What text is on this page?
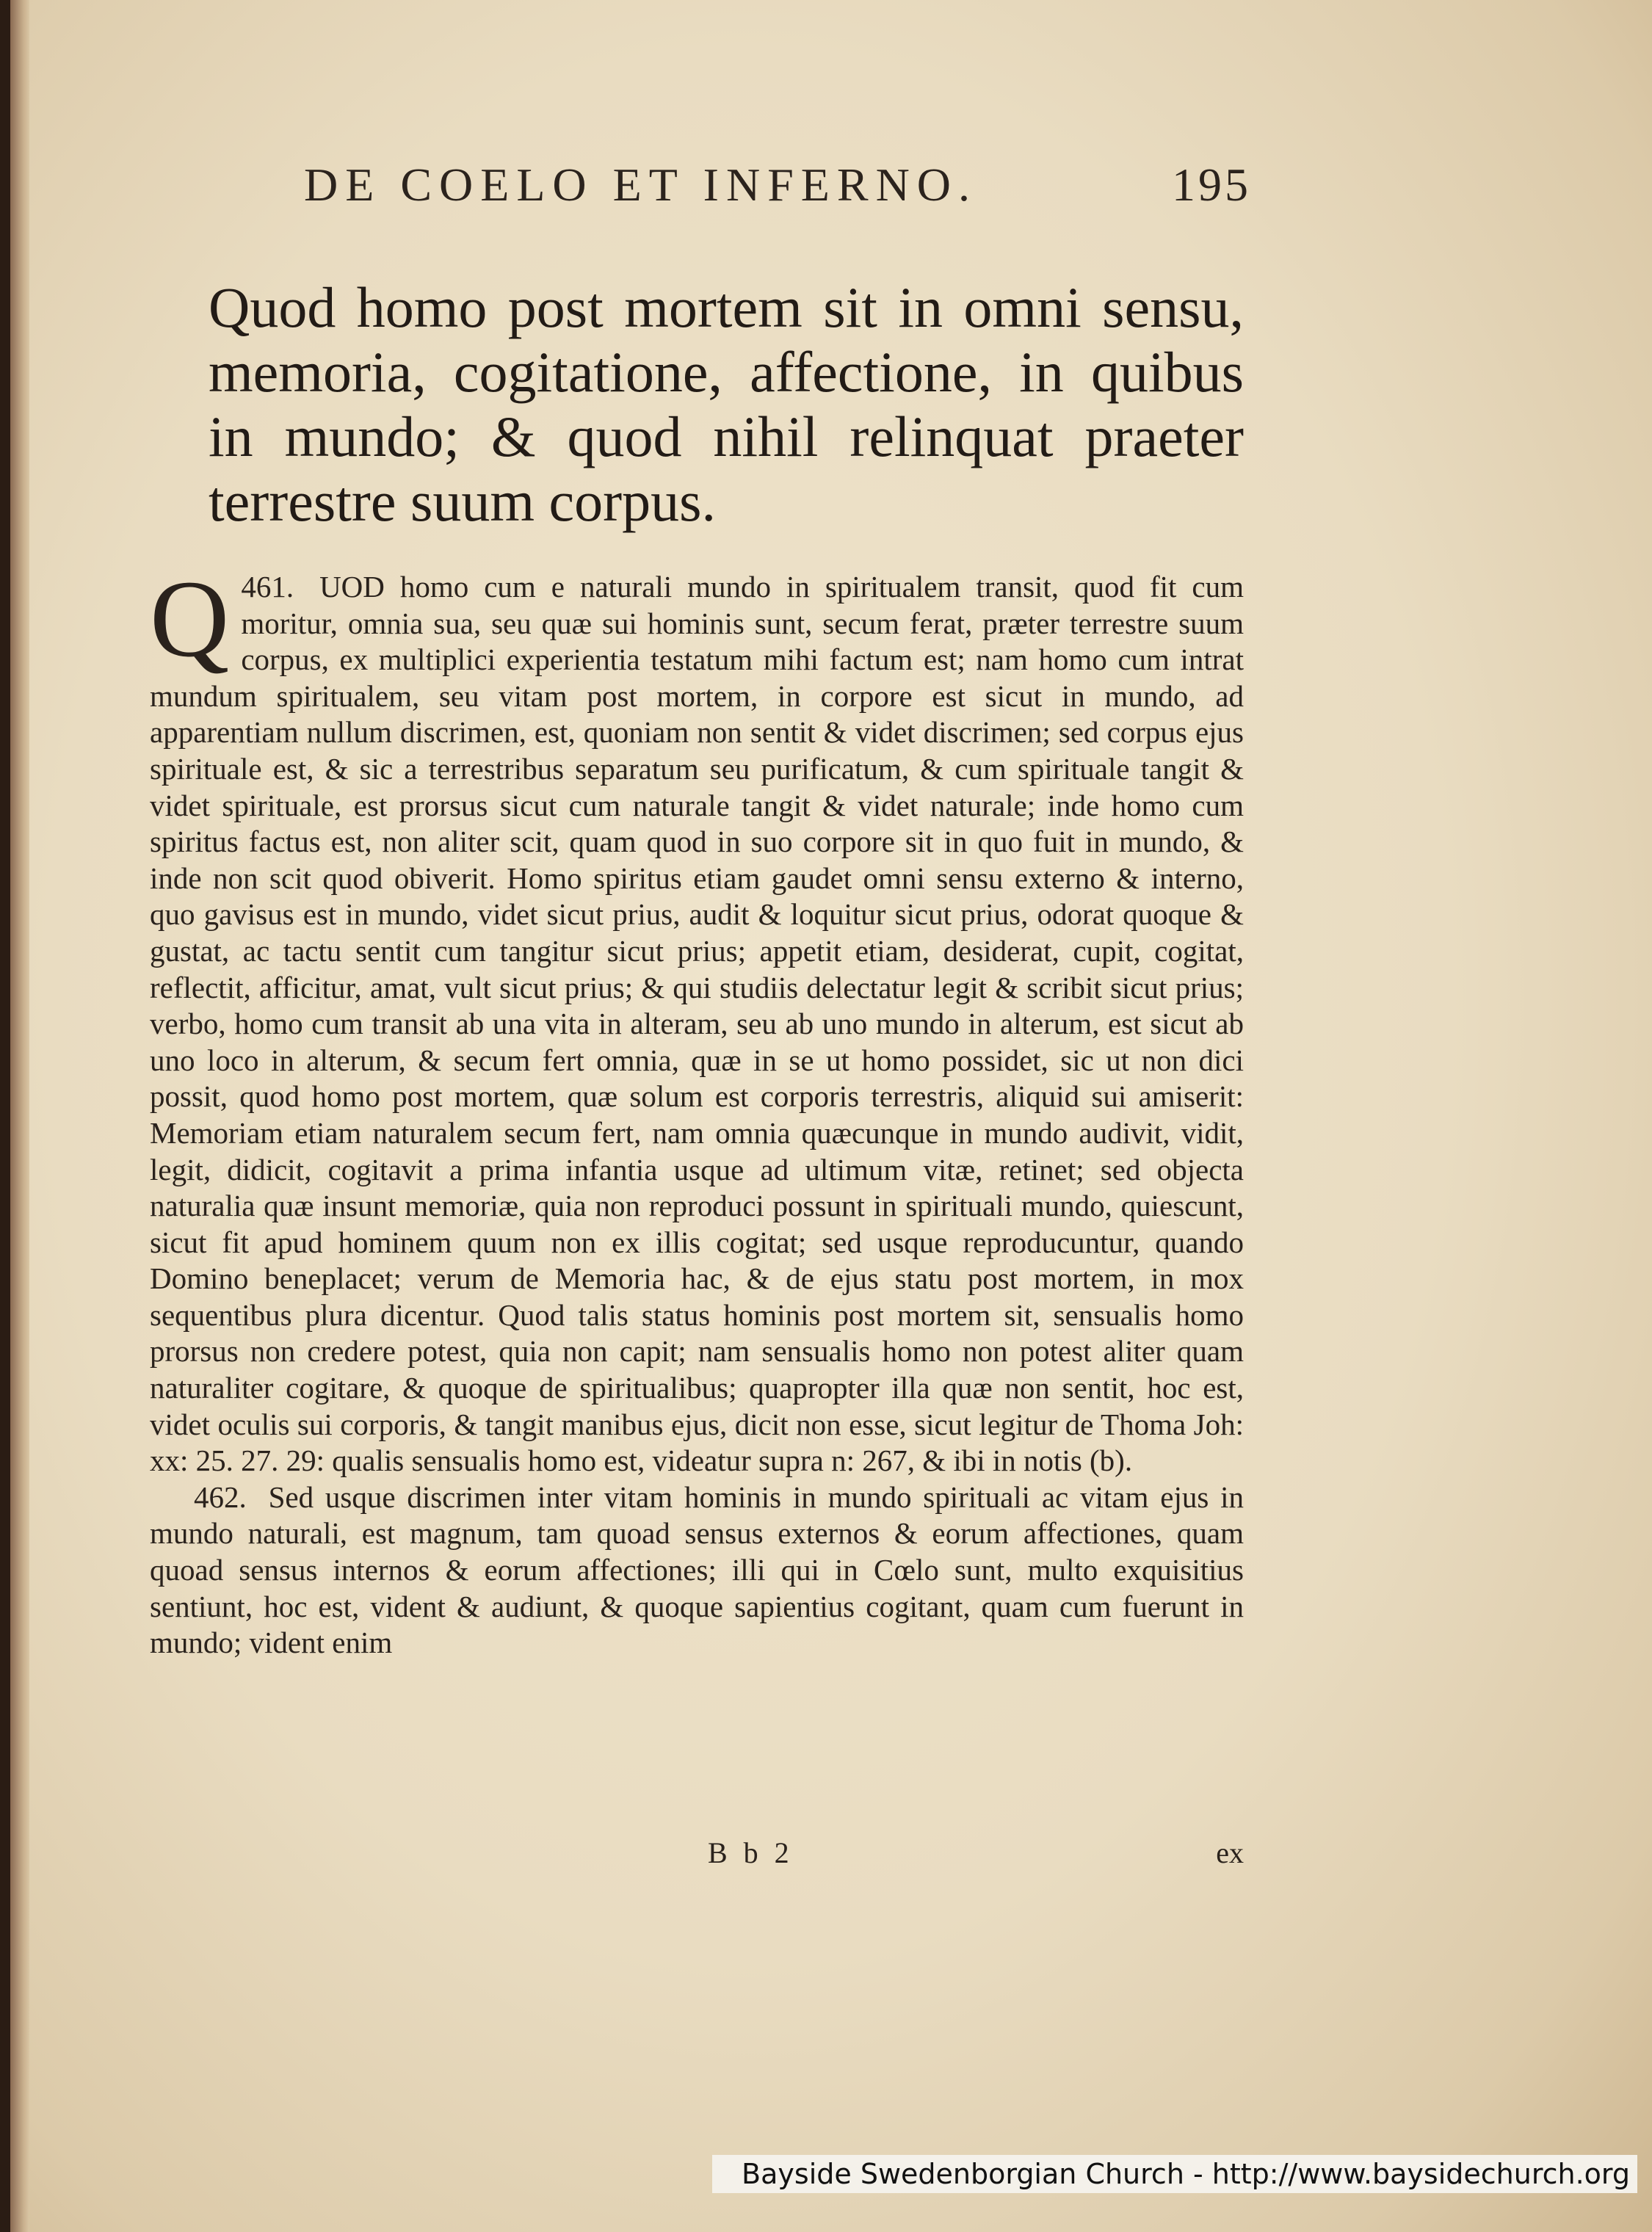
DE COELO ET INFERNO.	195
Quod homo post mortem sit in omni sensu, memoria, cogitatione, affectione, in quibus in mundo; & quod nihil relinquat praeter terrestre suum corpus.

Q 461. UOD homo cum e naturali mundo in spiritualem transit, quod fit cum moritur, omnia sua, seu quæ sui hominis sunt, secum ferat, præter terrestre suum corpus, ex multiplici experientia testatum mihi factum est; nam homo cum intrat mundum spiritualem, seu vitam post mortem, in corpore est sicut in mundo, ad apparentiam nullum discrimen, est, quoniam non sentit & videt discrimen; sed corpus ejus spirituale est, & sic a terrestribus separatum seu purificatum, & cum spirituale tangit & videt spirituale, est prorsus sicut cum naturale tangit & videt naturale; inde homo cum spiritus factus est, non aliter scit, quam quod in suo corpore sit in quo fuit in mundo, & inde non scit quod obiverit. Homo spiritus etiam gaudet omni sensu externo & interno, quo gavisus est in mundo, videt sicut prius, audit & loquitur sicut prius, odorat quoque & gustat, ac tactu sentit cum tangitur sicut prius; appetit etiam, desiderat, cupit, cogitat, reflectit, afficitur, amat, vult sicut prius; & qui studiis delectatur legit & scribit sicut prius; verbo, homo cum transit ab una vita in alteram, seu ab uno mundo in alterum, est sicut ab uno loco in alterum, & secum fert omnia, quæ in se ut homo possidet, sic ut non dici possit, quod homo post mortem, quæ solum est corporis terrestris, aliquid sui amiserit: Memoriam etiam naturalem secum fert, nam omnia quæcunque in mundo audivit, vidit, legit, didicit, cogitavit a prima infantia usque ad ultimum vitæ, retinet; sed objecta naturalia quæ insunt memoriæ, quia non reproduci possunt in spirituali mundo, quiescunt, sicut fit apud hominem quum non ex illis cogitat; sed usque reproducuntur, quando Domino beneplacet; verum de Memoria hac, & de ejus statu post mortem, in mox sequentibus plura dicentur. Quod talis status hominis post mortem sit, sensualis homo prorsus non credere potest, quia non capit; nam sensualis homo non potest aliter quam naturaliter cogitare, & quoque de spiritualibus; quapropter illa quæ non sentit, hoc est, videt oculis sui corporis, & tangit manibus ejus, dicit non esse, sicut legitur de Thoma Joh: xx: 25. 27. 29: qualis sensualis homo est, videatur supra n: 267, & ibi in notis (b).

462. Sed usque discrimen inter vitam hominis in mundo spirituali ac vitam ejus in mundo naturali, est magnum, tam quoad sensus externos & eorum affectiones, quam quoad sensus internos & eorum affectiones; illi qui in Cœlo sunt, multo exquisitius sentiunt, hoc est, vident & audiunt, & quoque sapientius cogitant, quam cum fuerunt in mundo; vident enim

B b 2	ex
Bayside Swedenborgian Church - http://www.baysidechurch.org
